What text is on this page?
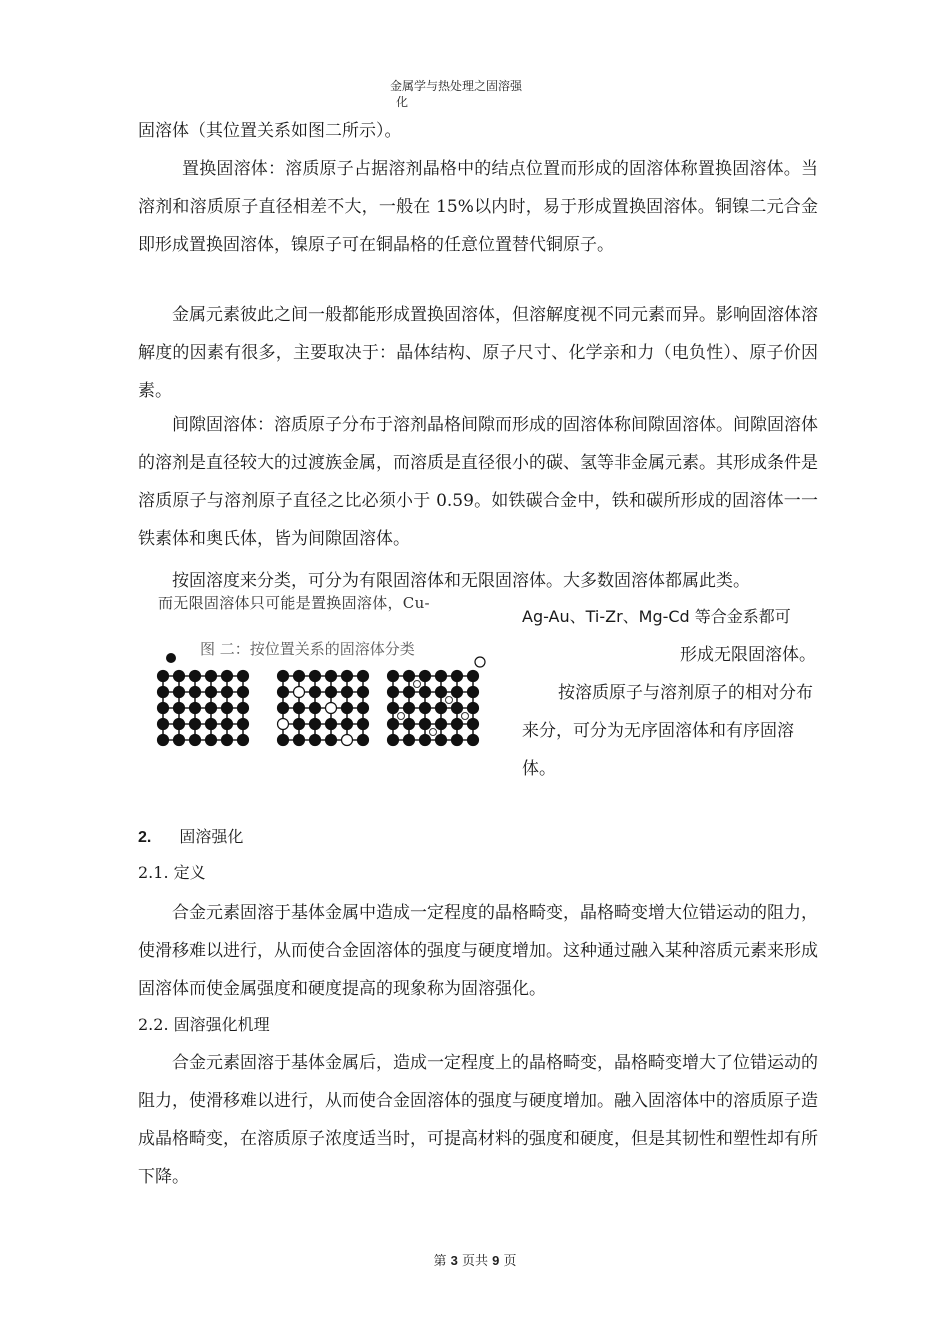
金属学与热处理之固溶强
化

固溶体（其位置关系如图二所示）。

置换固溶体：溶质原子占据溶剂晶格中的结点位置而形成的固溶体称置换固溶体。当溶剂和溶质原子直径相差不大，一般在 15%以内时，易于形成置换固溶体。铜镍二元合金即形成置换固溶体，镍原子可在铜晶格的任意位置替代铜原子。

金属元素彼此之间一般都能形成置换固溶体，但溶解度视不同元素而异。影响固溶体溶解度的因素有很多，主要取决于：晶体结构、原子尺寸、化学亲和力（电负性）、原子价因素。

间隙固溶体：溶质原子分布于溶剂晶格间隙而形成的固溶体称间隙固溶体。间隙固溶体的溶剂是直径较大的过渡族金属，而溶质是直径很小的碳、氢等非金属元素。其形成条件是溶质原子与溶剂原子直径之比必须小于 0.59。如铁碳合金中，铁和碳所形成的固溶体一一铁素体和奥氏体，皆为间隙固溶体。

按固溶度来分类，可分为有限固溶体和无限固溶体。大多数固溶体都属此类。

而无限固溶体只可能是置换固溶体，Cu-
图 二：按位置关系的固溶体分类
Ag-Au、Ti-Zr、Mg-Cd 等合金系都可
形成无限固溶体。
按溶质原子与溶剂原子的相对分布来分，可分为无序固溶体和有序固溶体。
2. 固溶强化
2.1. 定义

合金元素固溶于基体金属中造成一定程度的晶格畸变，晶格畸变增大位错运动的阻力，使滑移难以进行，从而使合金固溶体的强度与硬度增加。这种通过融入某种溶质元素来形成固溶体而使金属强度和硬度提高的现象称为固溶强化。

2.2. 固溶强化机理

合金元素固溶于基体金属后，造成一定程度上的晶格畸变，晶格畸变增大了位错运动的阻力，使滑移难以进行，从而使合金固溶体的强度与硬度增加。融入固溶体中的溶质原子造成晶格畸变，在溶质原子浓度适当时，可提高材料的强度和硬度，但是其韧性和塑性却有所下降。

第 3 页共 9 页
